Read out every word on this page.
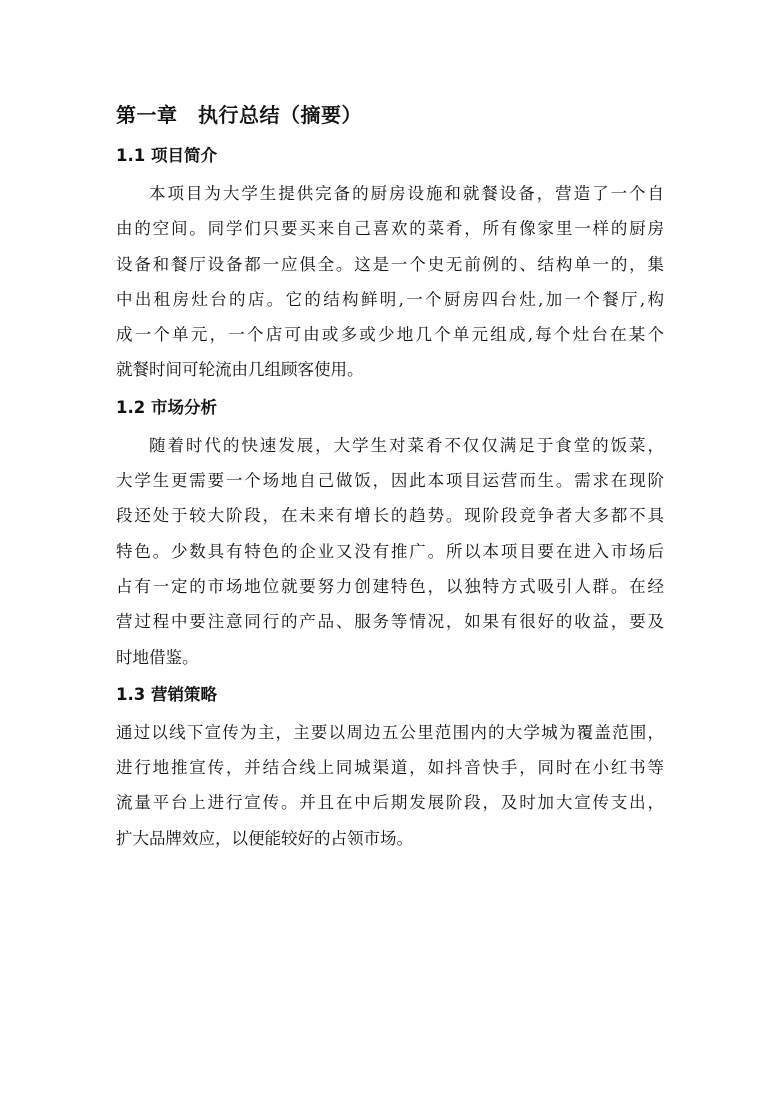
第一章　执行总结（摘要）
1.1 项目简介
本项目为大学生提供完备的厨房设施和就餐设备，营造了一个自
由的空间。同学们只要买来自己喜欢的菜肴，所有像家里一样的厨房
设备和餐厅设备都一应俱全。这是一个史无前例的、结构单一的，集
中出租房灶台的店。它的结构鲜明,一个厨房四台灶,加一个餐厅,构
成一个单元，一个店可由或多或少地几个单元组成,每个灶台在某个
就餐时间可轮流由几组顾客使用。
1.2 市场分析
随着时代的快速发展，大学生对菜肴不仅仅满足于食堂的饭菜，
大学生更需要一个场地自己做饭，因此本项目运营而生。需求在现阶
段还处于较大阶段，在未来有增长的趋势。现阶段竞争者大多都不具
特色。少数具有特色的企业又没有推广。所以本项目要在进入市场后
占有一定的市场地位就要努力创建特色，以独特方式吸引人群。在经
营过程中要注意同行的产品、服务等情况，如果有很好的收益，要及
时地借鉴。
1.3 营销策略
通过以线下宣传为主，主要以周边五公里范围内的大学城为覆盖范围，
进行地推宣传，并结合线上同城渠道，如抖音快手，同时在小红书等
流量平台上进行宣传。并且在中后期发展阶段，及时加大宣传支出，
扩大品牌效应，以便能较好的占领市场。
